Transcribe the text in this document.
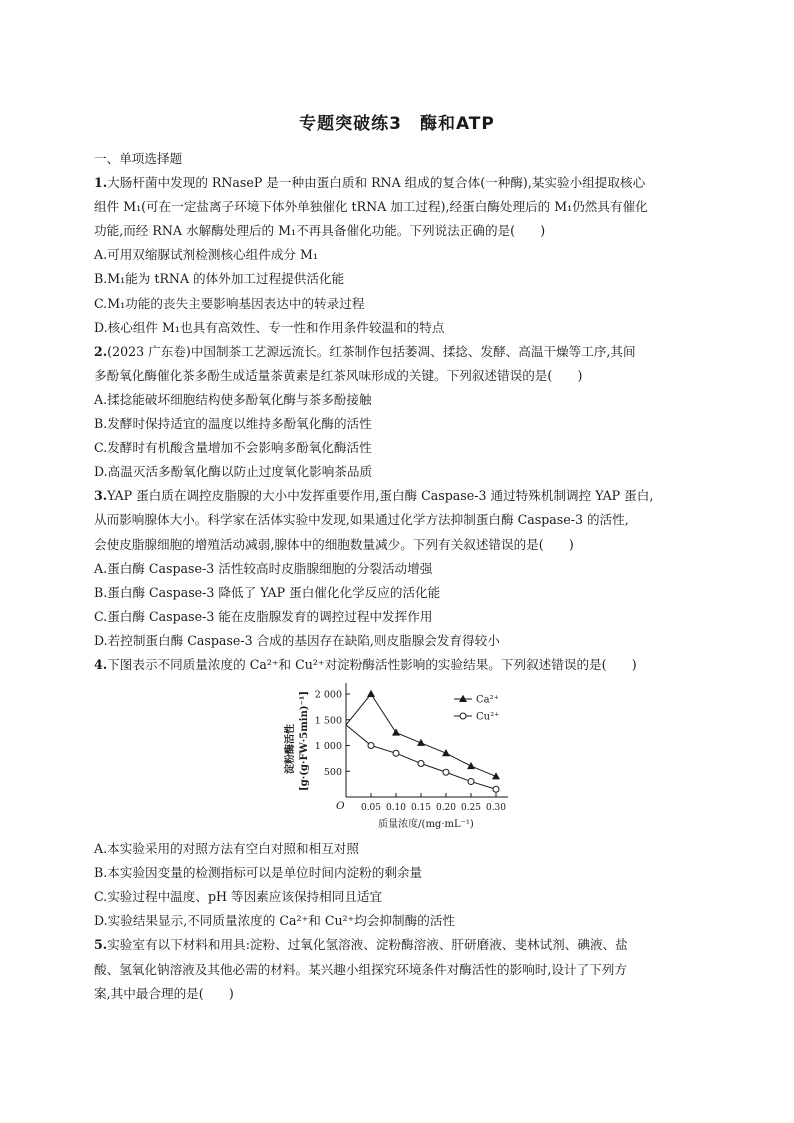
专题突破练3　酶和ATP
一、单项选择题
1.大肠杆菌中发现的 RNaseP 是一种由蛋白质和 RNA 组成的复合体(一种酶),某实验小组提取核心
组件 M₁(可在一定盐离子环境下体外单独催化 tRNA 加工过程),经蛋白酶处理后的 M₁仍然具有催化
功能,而经 RNA 水解酶处理后的 M₁不再具备催化功能。下列说法正确的是(　　)
A.可用双缩脲试剂检测核心组件成分 M₁
B.M₁能为 tRNA 的体外加工过程提供活化能
C.M₁功能的丧失主要影响基因表达中的转录过程
D.核心组件 M₁也具有高效性、专一性和作用条件较温和的特点
2.(2023 广东卷)中国制茶工艺源远流长。红茶制作包括萎凋、揉捻、发酵、高温干燥等工序,其间
多酚氧化酶催化茶多酚生成适量茶黄素是红茶风味形成的关键。下列叙述错误的是(　　)
A.揉捻能破坏细胞结构使多酚氧化酶与茶多酚接触
B.发酵时保持适宜的温度以维持多酚氧化酶的活性
C.发酵时有机酸含量增加不会影响多酚氧化酶活性
D.高温灭活多酚氧化酶以防止过度氧化影响茶品质
3.YAP 蛋白质在调控皮脂腺的大小中发挥重要作用,蛋白酶 Caspase-3 通过特殊机制调控 YAP 蛋白,
从而影响腺体大小。科学家在活体实验中发现,如果通过化学方法抑制蛋白酶 Caspase-3 的活性,
会使皮脂腺细胞的增殖活动减弱,腺体中的细胞数量减少。下列有关叙述错误的是(　　)
A.蛋白酶 Caspase-3 活性较高时皮脂腺细胞的分裂活动增强
B.蛋白酶 Caspase-3 降低了 YAP 蛋白催化化学反应的活化能
C.蛋白酶 Caspase-3 能在皮脂腺发育的调控过程中发挥作用
D.若控制蛋白酶 Caspase-3 合成的基因存在缺陷,则皮脂腺会发育得较小
4.下图表示不同质量浓度的 Ca²⁺和 Cu²⁺对淀粉酶活性影响的实验结果。下列叙述错误的是(　　)
500
1 000
1 500
2 000
0.05 0.10 0.15 0.20 0.25 0.30
O
质量浓度/(mg·mL⁻¹)
淀粉酶活性 [g·(g·FW·5min)⁻¹]	Ca²⁺
Cu²⁺
A.本实验采用的对照方法有空白对照和相互对照
B.本实验因变量的检测指标可以是单位时间内淀粉的剩余量
C.实验过程中温度、pH 等因素应该保持相同且适宜
D.实验结果显示,不同质量浓度的 Ca²⁺和 Cu²⁺均会抑制酶的活性
5.实验室有以下材料和用具:淀粉、过氧化氢溶液、淀粉酶溶液、肝研磨液、斐林试剂、碘液、盐
酸、氢氧化钠溶液及其他必需的材料。某兴趣小组探究环境条件对酶活性的影响时,设计了下列方
案,其中最合理的是(　　)
